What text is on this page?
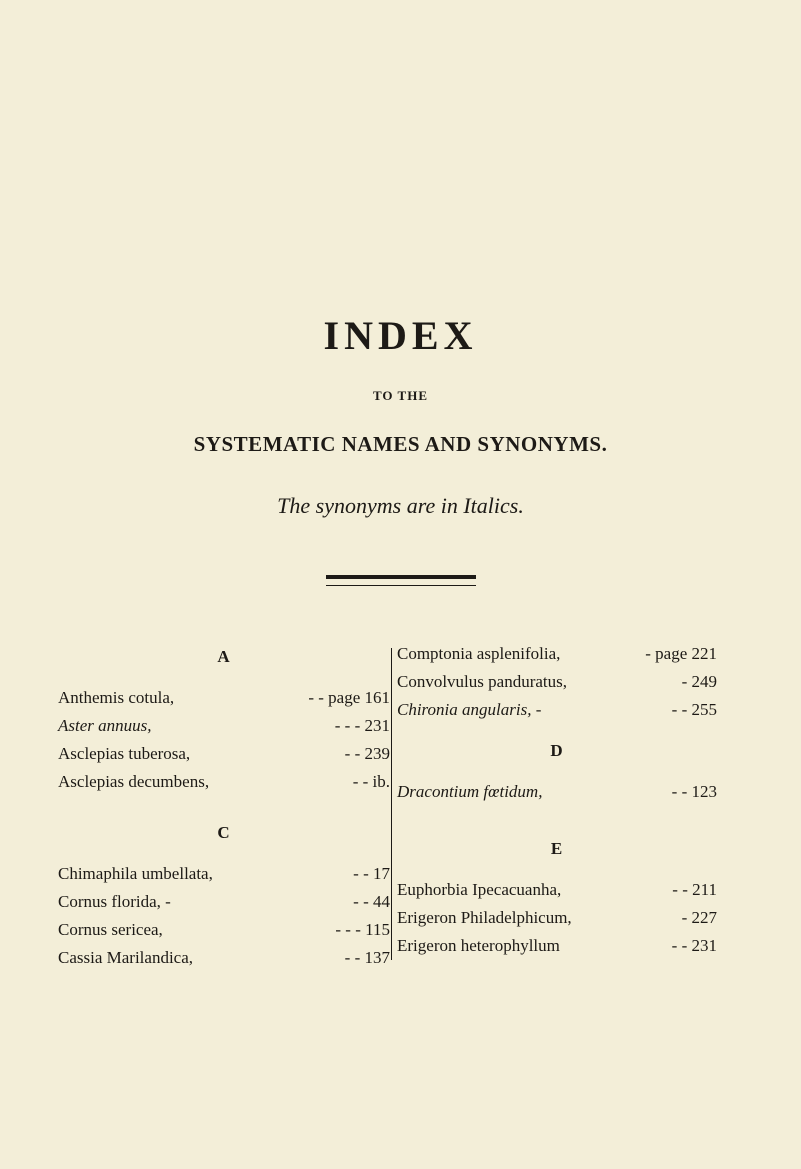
INDEX
TO THE
SYSTEMATIC NAMES AND SYNONYMS.
The synonyms are in Italics.
A
Anthemis cotula,	- - page 161
Aster annuus,	- - - 231
Asclepias tuberosa,	- - 239
Asclepias decumbens,	- - ib.
C
Chimaphila umbellata,	- - 17
Cornus florida, -	- - 44
Cornus sericea,	- - - 115
Cassia Marilandica,	- - 137
Comptonia asplenifolia,	- page 221
Convolvulus panduratus,	- 249
Chironia angularis, -	- - 255
D
Dracontium fœtidum,	- - 123
E
Euphorbia Ipecacuanha,	- - 211
Erigeron Philadelphicum,	- 227
Erigeron heterophyllum	- - 231
